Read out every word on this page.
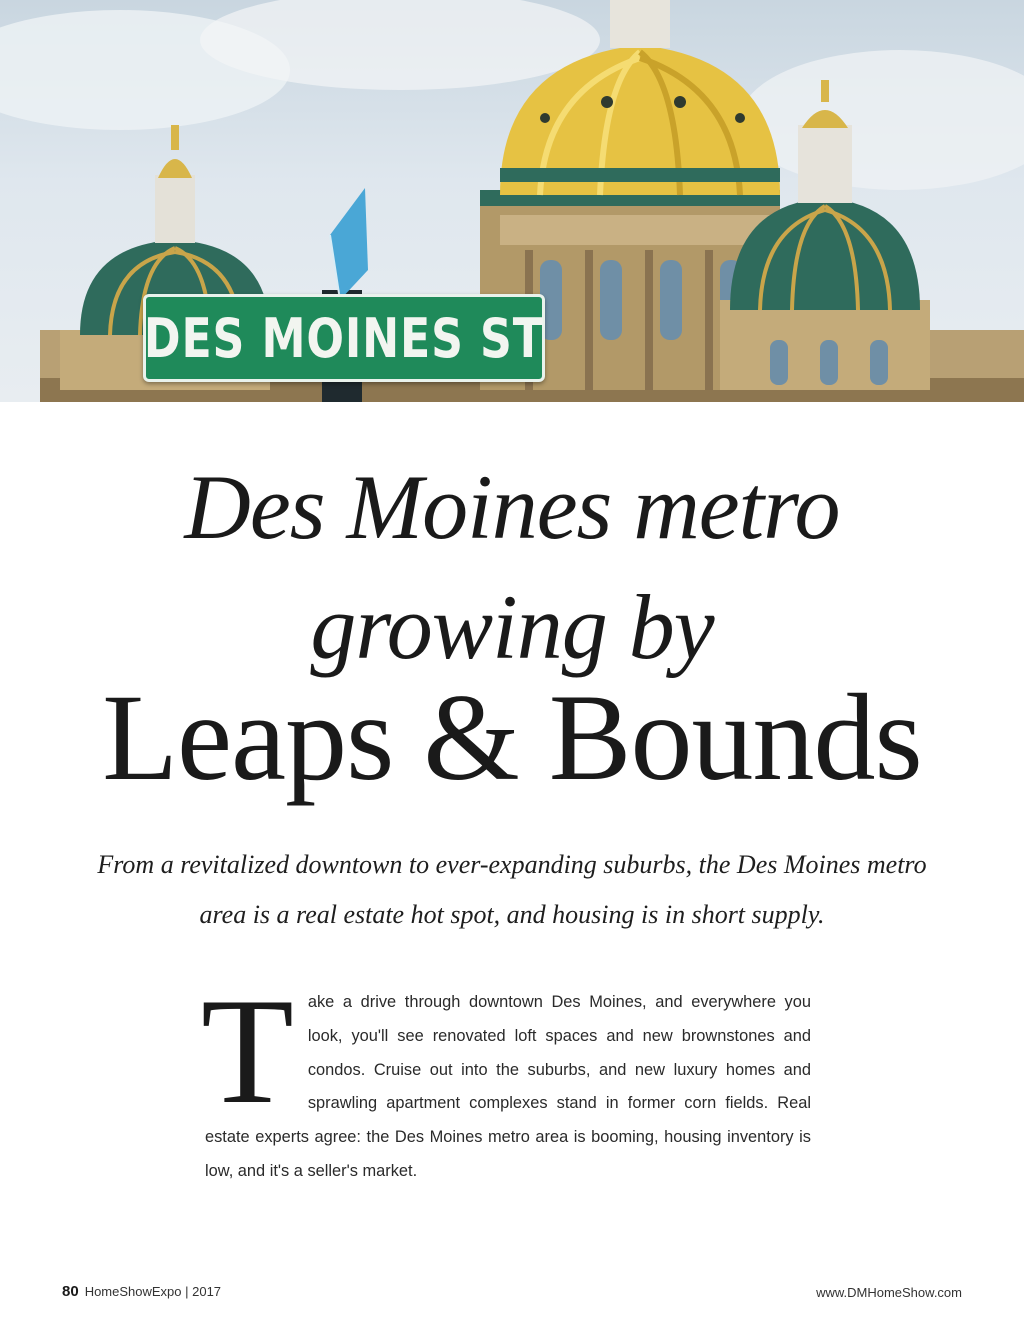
DES MOINES ST
Des Moines metro
growing by
Leaps & Bounds

From a revitalized downtown to ever-expanding suburbs, the Des Moines metro area is a real estate hot spot, and housing is in short supply.

Take a drive through downtown Des Moines, and everywhere you look, you'll see renovated loft spaces and new brownstones and condos. Cruise out into the suburbs, and new luxury homes and sprawling apartment complexes stand in former corn fields. Real estate experts agree: the Des Moines metro area is booming, housing inventory is low, and it's a seller's market.

80 HomeShowExpo | 2017	www.DMHomeShow.com
